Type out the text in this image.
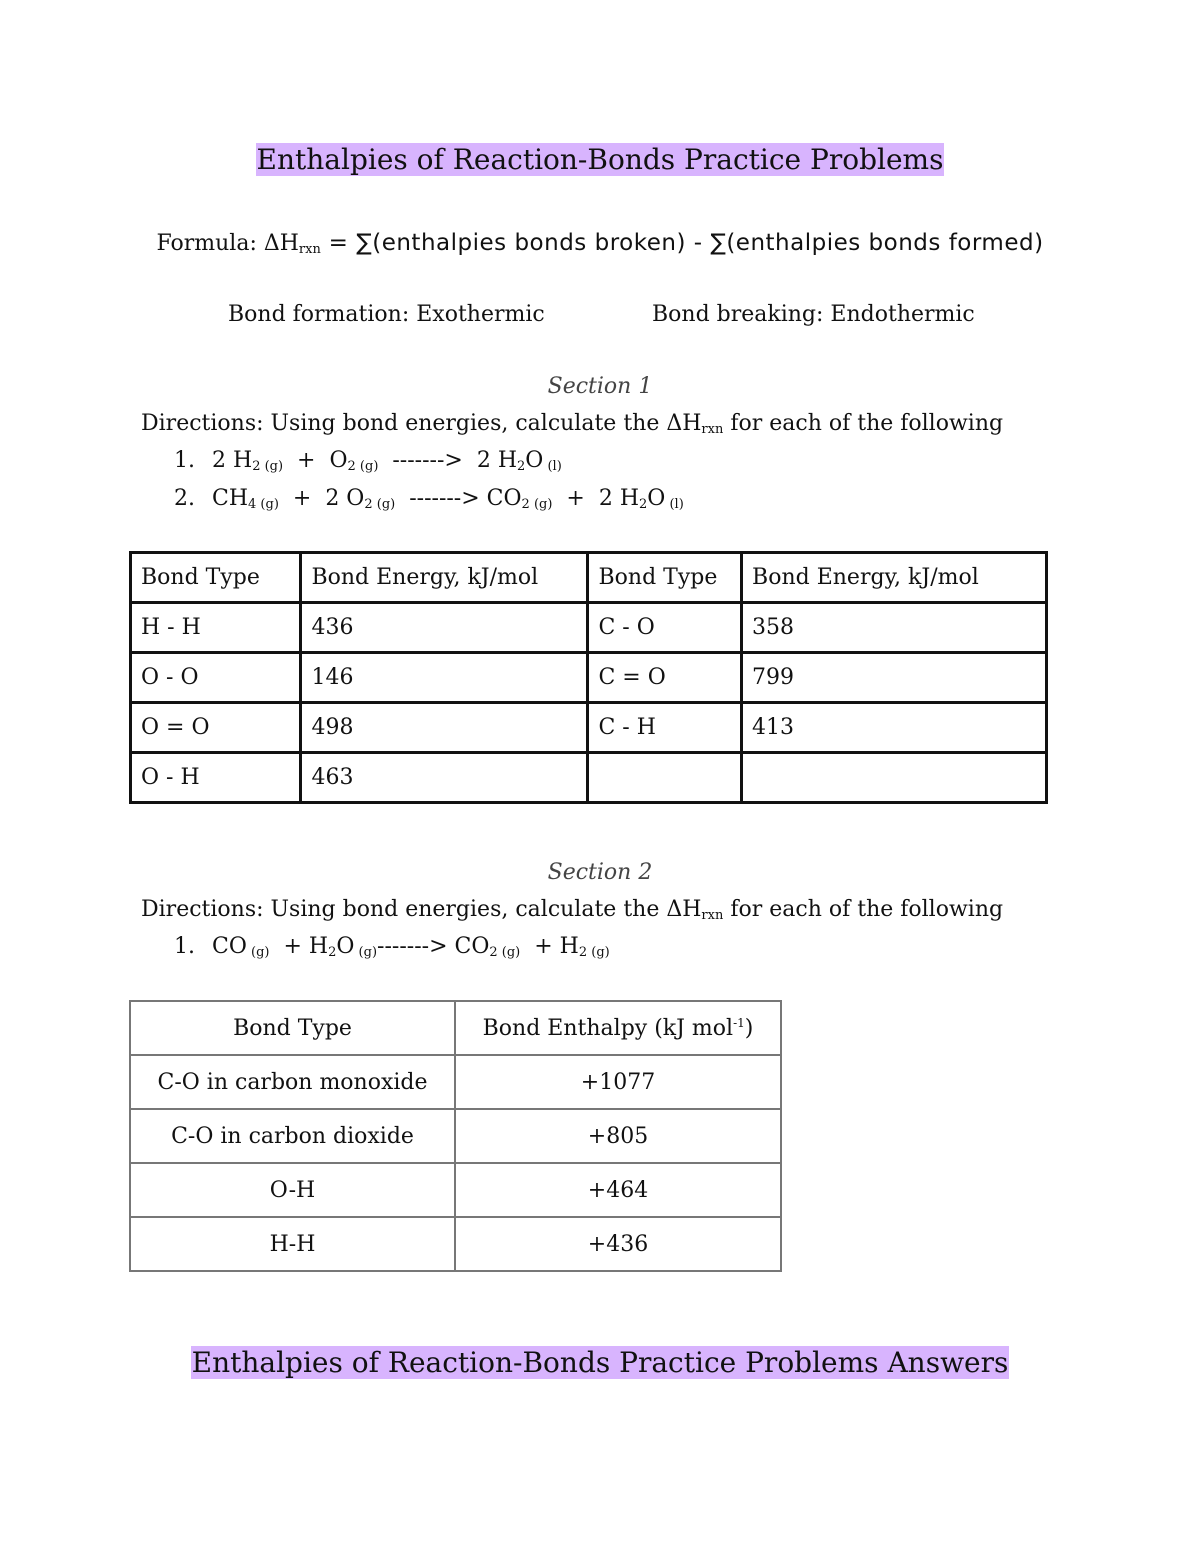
Enthalpies of Reaction-Bonds Practice Problems
Formula: $\Delta H_{rxn}$ = ∑(enthalpies bonds broken) - ∑(enthalpies bonds formed)
Bond formation: Exothermic	Bond breaking: Endothermic
Section 1
Directions: Using bond energies, calculate the $\Delta H_{rxn}$ for each of the following
1. 2 $H_{2 (g)} + O_{2 (g)}$  ------->  2 $H_2O$ $_{(l)}$
2. $CH_{4 (g)} + 2$ $O_{2 (g)}$  -------> $CO_{2 (g)} + 2$ $H_2O$ $_{(l)}$
Bond Type	Bond Energy, kJ/mol	Bond Type	Bond Energy, kJ/mol
H - H	436	C - O	358
O - O	146	C = O	799
O = O	498	C - H	413
O - H	463		
Section 2
Directions: Using bond energies, calculate the $\Delta H_{rxn}$ for each of the following
1. CO $_{(g)} + H_2O$ $_{(g)}-------> CO_{2 (g)} + H_{2 (g)}$
Bond Type	Bond Enthalpy (kJ mol$^{-1}$)
C-O in carbon monoxide	+1077
C-O in carbon dioxide	+805
O-H	+464
H-H	+436
Enthalpies of Reaction-Bonds Practice Problems Answers
